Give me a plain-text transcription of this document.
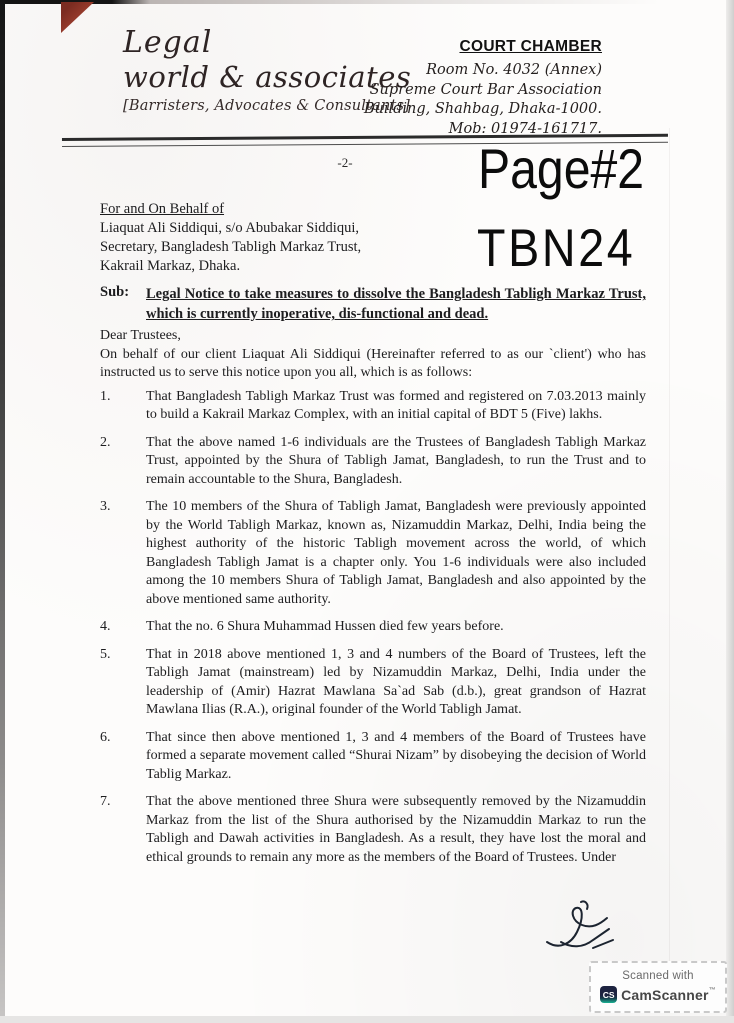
Legal
world & associates
[Barristers, Advocates & Consultants]
COURT CHAMBER
Room No. 4032 (Annex)
Supreme Court Bar Association
Building, Shahbag, Dhaka-1000.
Mob: 01974-161717.
-2-	Page#2
TBN24
For and On Behalf of
Liaquat Ali Siddiqui, s/o Abubakar Siddiqui,
Secretary, Bangladesh Tabligh Markaz Trust,
Kakrail Markaz, Dhaka.
Sub:	Legal Notice to take measures to dissolve the Bangladesh Tabligh Markaz Trust, which is currently inoperative, dis-functional and dead.
Dear Trustees,
On behalf of our client Liaquat Ali Siddiqui (Hereinafter referred to as our `client') who has instructed us to serve this notice upon you all, which is as follows:
1.	That Bangladesh Tabligh Markaz Trust was formed and registered on 7.03.2013 mainly to build a Kakrail Markaz Complex, with an initial capital of BDT 5 (Five) lakhs.
2.	That the above named 1-6 individuals are the Trustees of Bangladesh Tabligh Markaz Trust, appointed by the Shura of Tabligh Jamat, Bangladesh, to run the Trust and to remain accountable to the Shura, Bangladesh.
3.	The 10 members of the Shura of Tabligh Jamat, Bangladesh were previously appointed by the World Tabligh Markaz, known as, Nizamuddin Markaz, Delhi, India being the highest authority of the historic Tabligh movement across the world, of which Bangladesh Tabligh Jamat is a chapter only. You 1-6 individuals were also included among the 10 members Shura of Tabligh Jamat, Bangladesh and also appointed by the above mentioned same authority.
4.	That the no. 6 Shura Muhammad Hussen died few years before.
5.	That in 2018 above mentioned 1, 3 and 4 numbers of the Board of Trustees, left the Tabligh Jamat (mainstream) led by Nizamuddin Markaz, Delhi, India under the leadership of (Amir) Hazrat Mawlana Sa`ad Sab (d.b.), great grandson of Hazrat Mawlana Ilias (R.A.), original founder of the World Tabligh Jamat.
6.	That since then above mentioned 1, 3 and 4 members of the Board of Trustees have formed a separate movement called “Shurai Nizam” by disobeying the decision of World Tablig Markaz.
7.	That the above mentioned three Shura were subsequently removed by the Nizamuddin Markaz from the list of the Shura authorised by the Nizamuddin Markaz to run the Tabligh and Dawah activities in Bangladesh. As a result, they have lost the moral and ethical grounds to remain any more as the members of the Board of Trustees. Under
Scanned with
CS CamScanner™
